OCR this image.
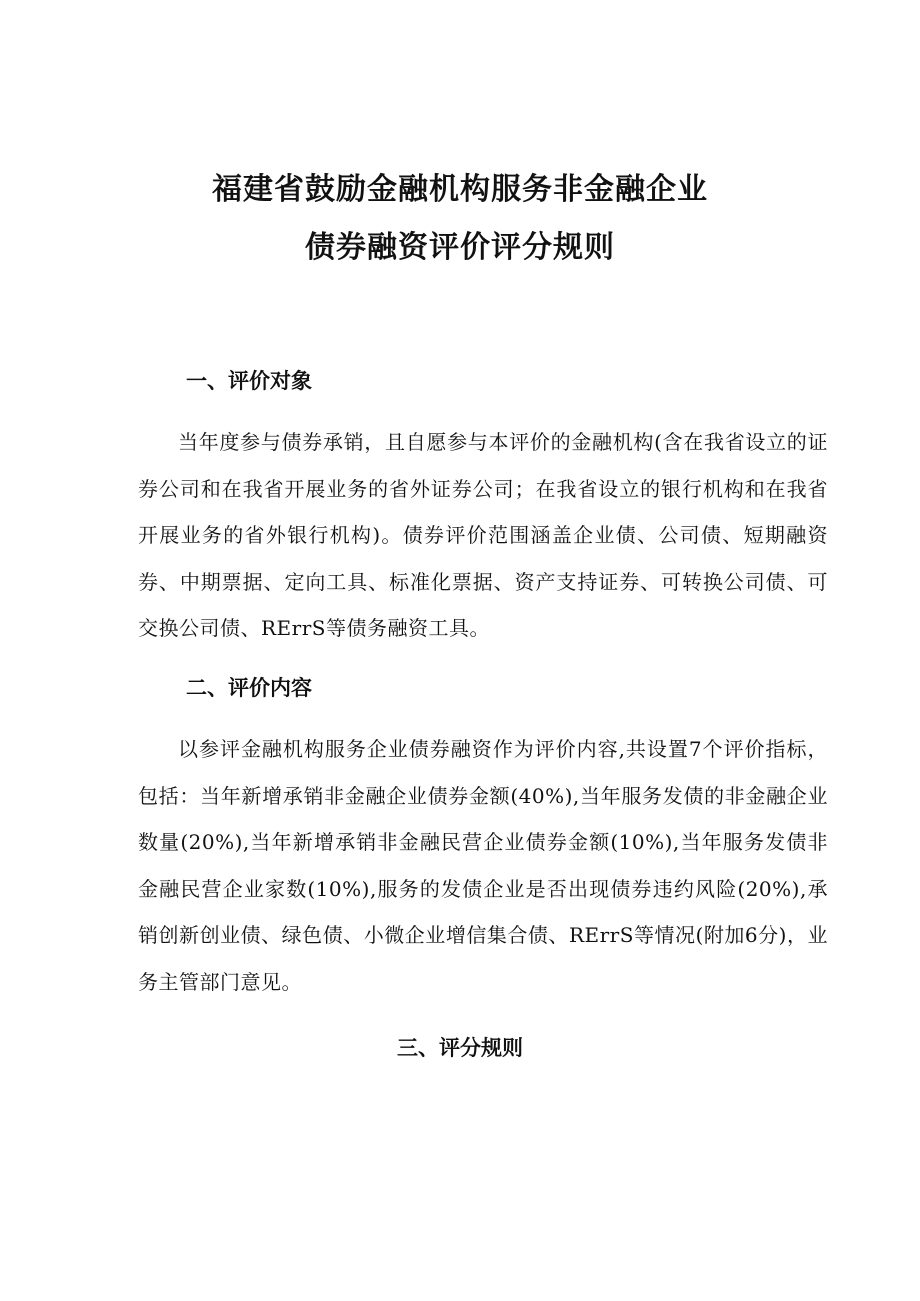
福建省鼓励金融机构服务非金融企业
债券融资评价评分规则
一、评价对象

当年度参与债券承销，且自愿参与本评价的金融机构(含在我省设立的证券公司和在我省开展业务的省外证券公司；在我省设立的银行机构和在我省开展业务的省外银行机构)。债券评价范围涵盖企业债、公司债、短期融资券、中期票据、定向工具、标准化票据、资产支持证券、可转换公司债、可交换公司债、RErrS等债务融资工具。

二、评价内容

以参评金融机构服务企业债券融资作为评价内容,共设置7个评价指标，包括：当年新增承销非金融企业债券金额(40%),当年服务发债的非金融企业数量(20%),当年新增承销非金融民营企业债券金额(10%),当年服务发债非金融民营企业家数(10%),服务的发债企业是否出现债券违约风险(20%),承销创新创业债、绿色债、小微企业增信集合债、RErrS等情况(附加6分)，业务主管部门意见。

三、评分规则
